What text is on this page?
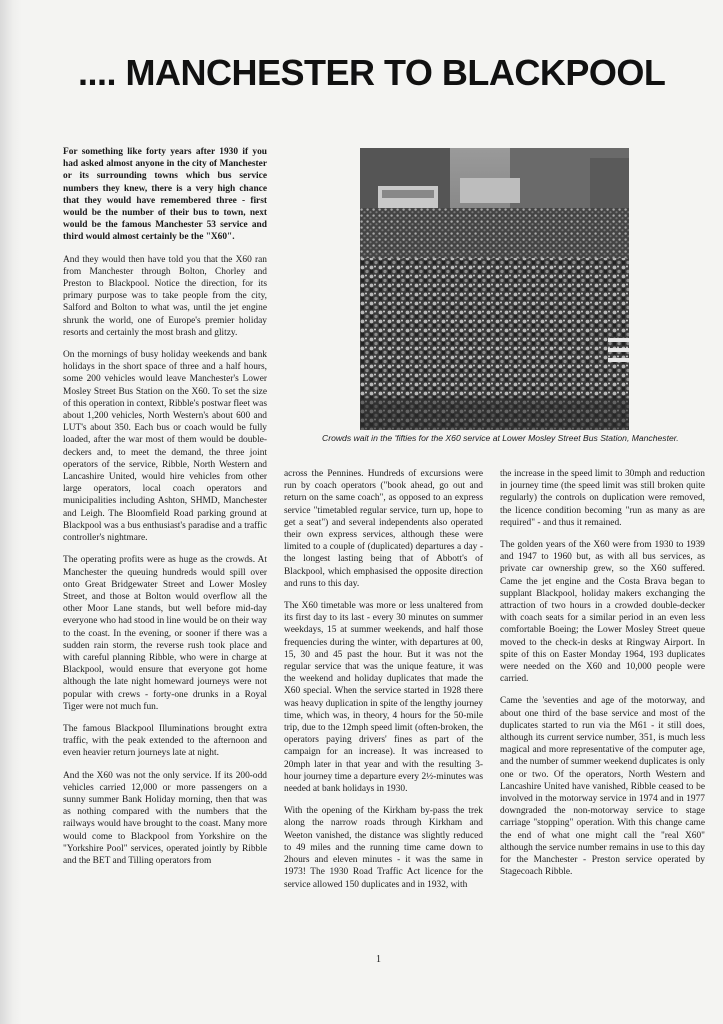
.... MANCHESTER TO BLACKPOOL

For something like forty years after 1930 if you had asked almost anyone in the city of Manchester or its surrounding towns which bus service numbers they knew, there is a very high chance that they would have remembered three - first would be the number of their bus to town, next would be the famous Manchester 53 service and third would almost certainly be the "X60".

And they would then have told you that the X60 ran from Manchester through Bolton, Chorley and Preston to Blackpool. Notice the direction, for its primary purpose was to take people from the city, Salford and Bolton to what was, until the jet engine shrunk the world, one of Europe's premier holiday resorts and certainly the most brash and glitzy.

On the mornings of busy holiday weekends and bank holidays in the short space of three and a half hours, some 200 vehicles would leave Manchester's Lower Mosley Street Bus Station on the X60. To set the size of this operation in context, Ribble's postwar fleet was about 1,200 vehicles, North Western's about 600 and LUT's about 350. Each bus or coach would be fully loaded, after the war most of them would be double-deckers and, to meet the demand, the three joint operators of the service, Ribble, North Western and Lancashire United, would hire vehicles from other large operators, local coach operators and municipalities including Ashton, SHMD, Manchester and Leigh. The Bloomfield Road parking ground at Blackpool was a bus enthusiast's paradise and a traffic controller's nightmare.

The operating profits were as huge as the crowds. At Manchester the queuing hundreds would spill over onto Great Bridgewater Street and Lower Mosley Street, and those at Bolton would overflow all the other Moor Lane stands, but well before mid-day everyone who had stood in line would be on their way to the coast. In the evening, or sooner if there was a sudden rain storm, the reverse rush took place and with careful planning Ribble, who were in charge at Blackpool, would ensure that everyone got home although the late night homeward journeys were not popular with crews - forty-one drunks in a Royal Tiger were not much fun.

The famous Blackpool Illuminations brought extra traffic, with the peak extended to the afternoon and even heavier return journeys late at night.

And the X60 was not the only service. If its 200-odd vehicles carried 12,000 or more passengers on a sunny summer Bank Holiday morning, then that was as nothing compared with the numbers that the railways would have brought to the coast. Many more would come to Blackpool from Yorkshire on the "Yorkshire Pool" services, operated jointly by Ribble and the BET and Tilling operators from

Crowds wait in the 'fifties for the X60 service at Lower Mosley Street Bus Station, Manchester.

across the Pennines. Hundreds of excursions were run by coach operators ("book ahead, go out and return on the same coach", as opposed to an express service "timetabled regular service, turn up, hope to get a seat") and several independents also operated their own express services, although these were limited to a couple of (duplicated) departures a day - the longest lasting being that of Abbott's of Blackpool, which emphasised the opposite direction and runs to this day.

The X60 timetable was more or less unaltered from its first day to its last - every 30 minutes on summer weekdays, 15 at summer weekends, and half those frequencies during the winter, with departures at 00, 15, 30 and 45 past the hour. But it was not the regular service that was the unique feature, it was the weekend and holiday duplicates that made the X60 special. When the service started in 1928 there was heavy duplication in spite of the lengthy journey time, which was, in theory, 4 hours for the 50-mile trip, due to the 12mph speed limit (often-broken, the operators paying drivers' fines as part of the campaign for an increase). It was increased to 20mph later in that year and with the resulting 3-hour journey time a departure every 2½-minutes was needed at bank holidays in 1930.

With the opening of the Kirkham by-pass the trek along the narrow roads through Kirkham and Weeton vanished, the distance was slightly reduced to 49 miles and the running time came down to 2hours and eleven minutes - it was the same in 1973! The 1930 Road Traffic Act licence for the service allowed 150 duplicates and in 1932, with

the increase in the speed limit to 30mph and reduction in journey time (the speed limit was still broken quite regularly) the controls on duplication were removed, the licence condition becoming "run as many as are required" - and thus it remained.

The golden years of the X60 were from 1930 to 1939 and 1947 to 1960 but, as with all bus services, as private car ownership grew, so the X60 suffered. Came the jet engine and the Costa Brava began to supplant Blackpool, holiday makers exchanging the attraction of two hours in a crowded double-decker with coach seats for a similar period in an even less comfortable Boeing; the Lower Mosley Street queue moved to the check-in desks at Ringway Airport. In spite of this on Easter Monday 1964, 193 duplicates were needed on the X60 and 10,000 people were carried.

Came the 'seventies and age of the motorway, and about one third of the base service and most of the duplicates started to run via the M61 - it still does, although its current service number, 351, is much less magical and more representative of the computer age, and the number of summer weekend duplicates is only one or two. Of the operators, North Western and Lancashire United have vanished, Ribble ceased to be involved in the motorway service in 1974 and in 1977 downgraded the non-motorway service to stage carriage "stopping" operation. With this change came the end of what one might call the "real X60" although the service number remains in use to this day for the Manchester - Preston service operated by Stagecoach Ribble.

1
